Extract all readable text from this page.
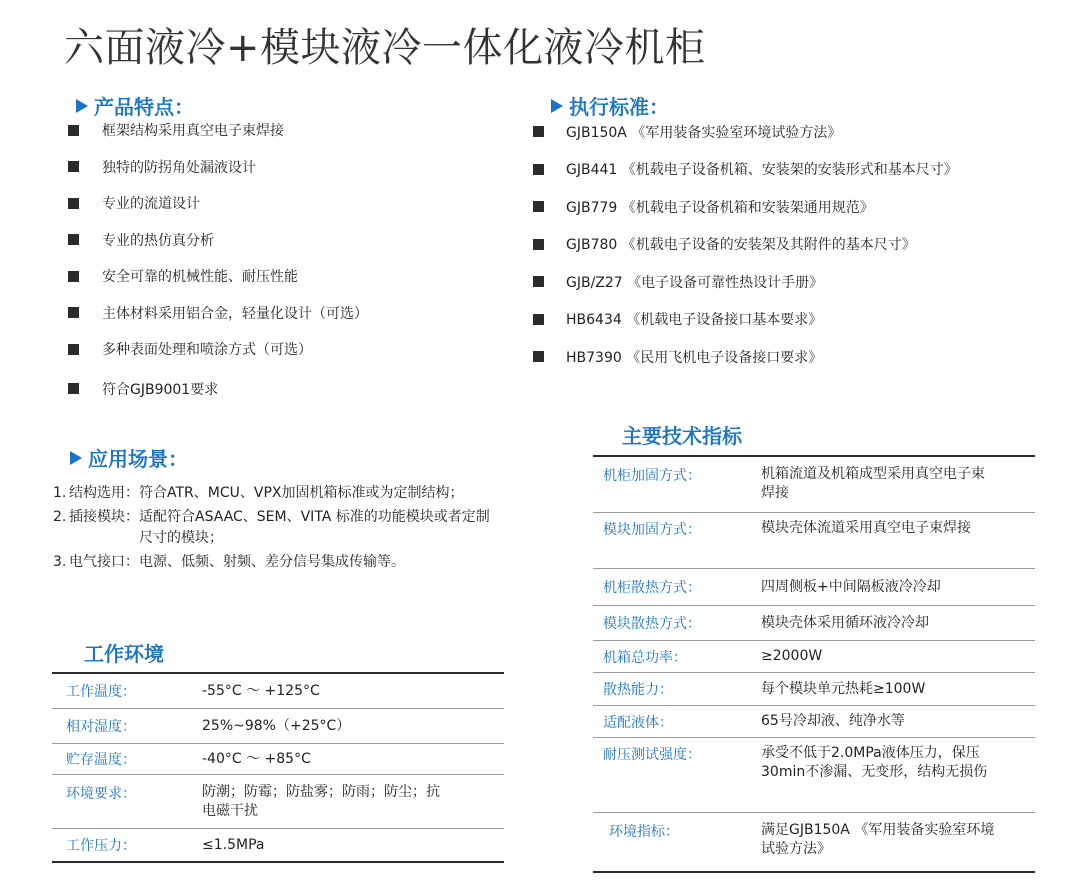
六面液冷+模块液冷一体化液冷机柜
产品特点：
框架结构采用真空电子束焊接
独特的防拐角处漏液设计
专业的流道设计
专业的热仿真分析
安全可靠的机械性能、耐压性能
主体材料采用铝合金，轻量化设计（可选）
多种表面处理和喷涂方式（可选）
符合GJB9001要求
执行标准：
GJB150A 《军用装备实验室环境试验方法》
GJB441 《机载电子设备机箱、安装架的安装形式和基本尺寸》
GJB779 《机载电子设备机箱和安装架通用规范》
GJB780 《机载电子设备的安装架及其附件的基本尺寸》
GJB/Z27 《电子设备可靠性热设计手册》
HB6434 《机载电子设备接口基本要求》
HB7390 《民用飞机电子设备接口要求》
应用场景：
1. 结构选用： 符合ATR、MCU、VPX加固机箱标准或为定制结构；
2. 插接模块： 适配符合ASAAC、SEM、VITA 标准的功能模块或者定制尺寸的模块；
3. 电气接口： 电源、低频、射频、差分信号集成传输等。
工作环境
工作温度：	-55°C ～ +125°C
相对湿度：	25%~98%（+25°C）
贮存温度：	-40°C ～ +85°C
环境要求：	防潮；防霉；防盐雾；防雨；防尘；抗电磁干扰
工作压力：	≤1.5MPa
主要技术指标
机柜加固方式：	机箱流道及机箱成型采用真空电子束焊接
模块加固方式：	模块壳体流道采用真空电子束焊接
机柜散热方式：	四周侧板+中间隔板液冷冷却
模块散热方式：	模块壳体采用循环液冷冷却
机箱总功率：	≥2000W
散热能力：	每个模块单元热耗≥100W
适配液体：	65号冷却液、纯净水等
耐压测试强度：	承受不低于2.0MPa液体压力，保压30min不渗漏、无变形，结构无损伤
环境指标：	满足GJB150A 《军用装备实验室环境试验方法》
